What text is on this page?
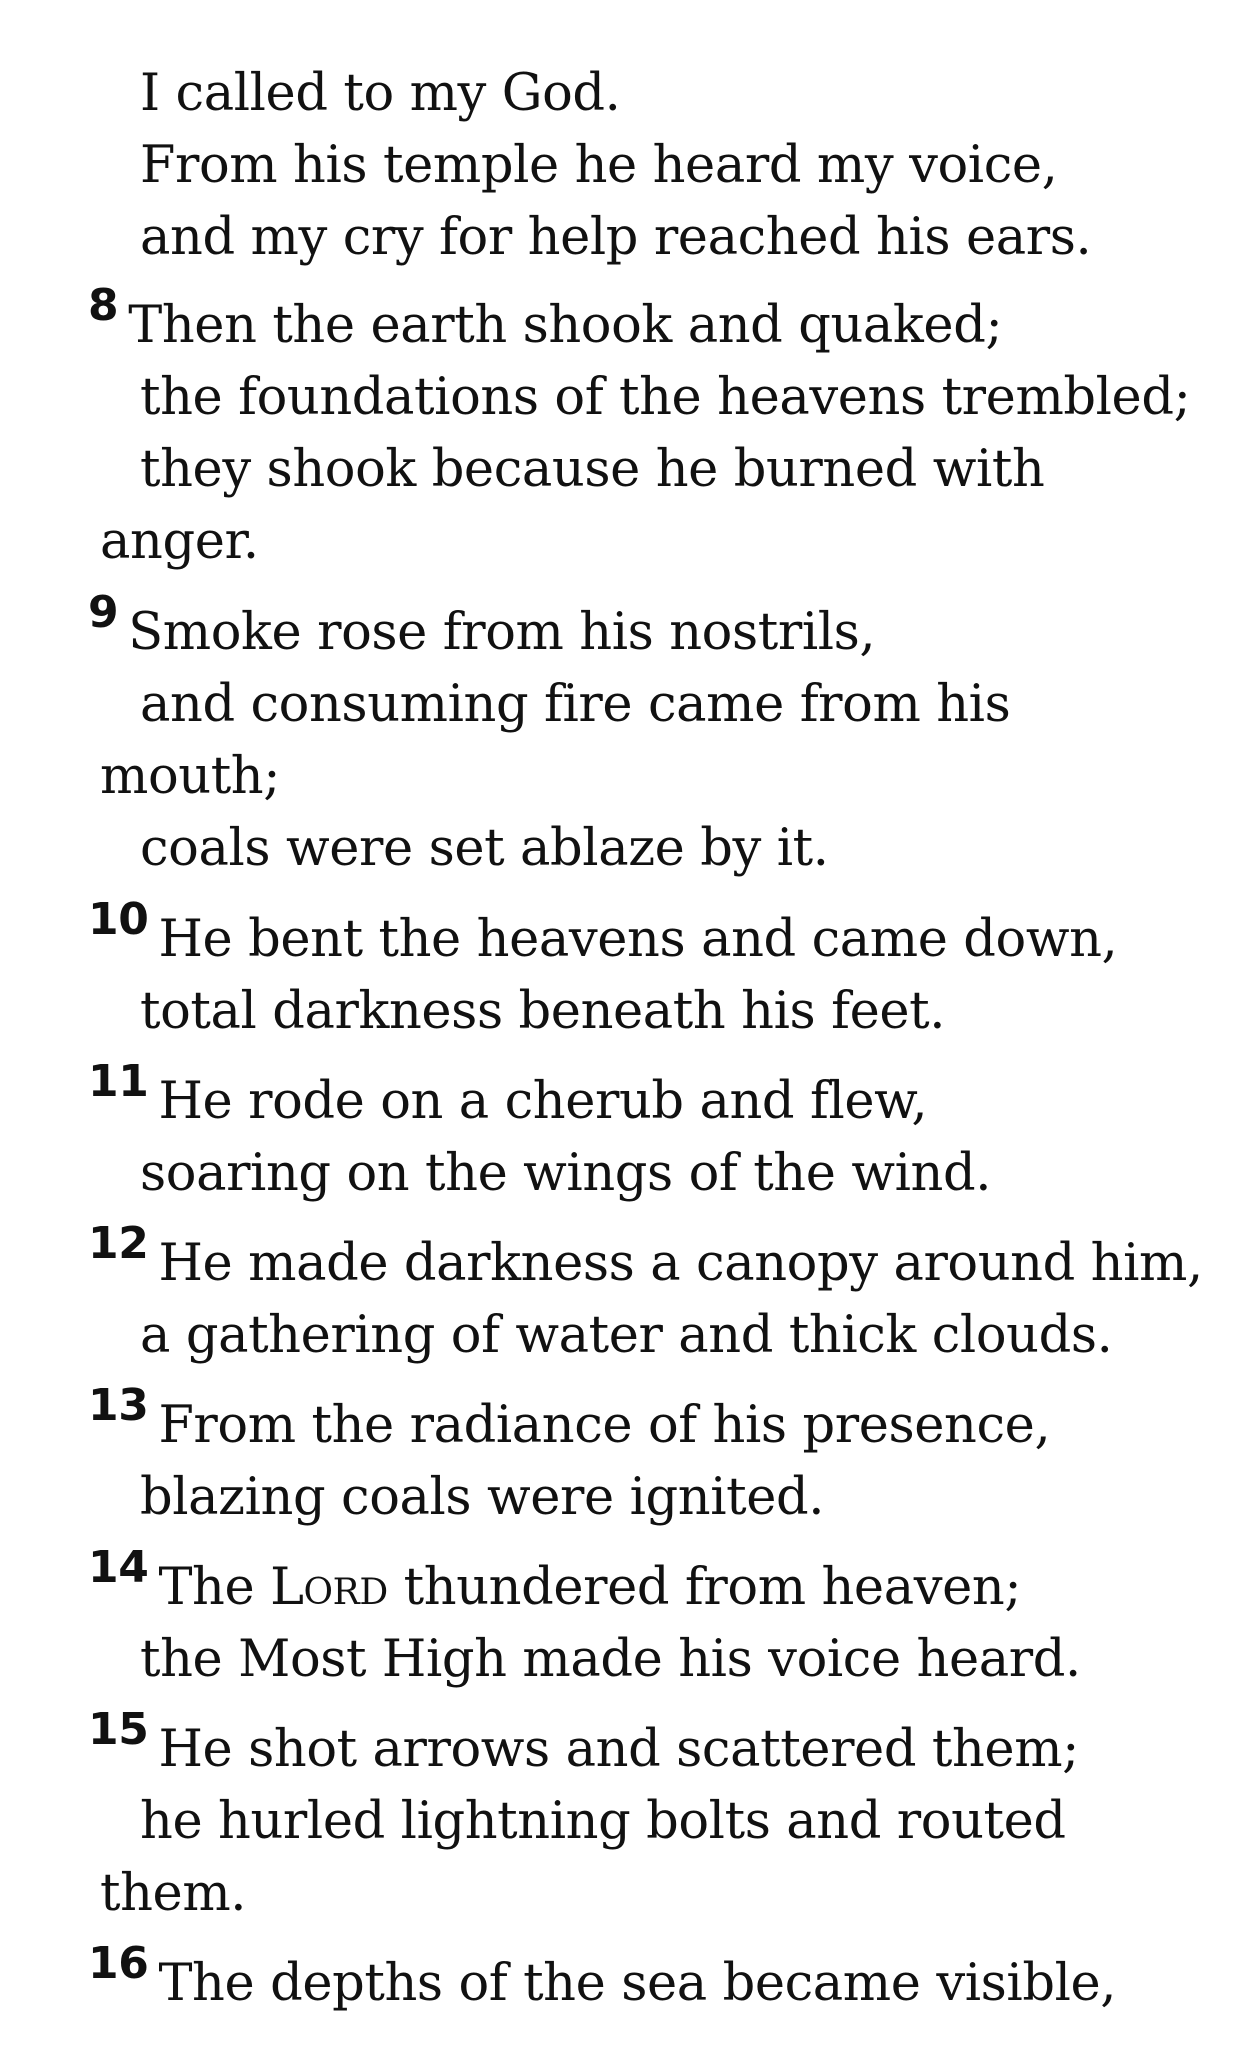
I called to my God.
From his temple he heard my voice,
and my cry for help reached his ears.
8 Then the earth shook and quaked;
the foundations of the heavens trembled;
they shook because he burned with
anger.
9 Smoke rose from his nostrils,
and consuming fire came from his
mouth;
coals were set ablaze by it.
10 He bent the heavens and came down,
total darkness beneath his feet.
11 He rode on a cherub and flew,
soaring on the wings of the wind.
12 He made darkness a canopy around him,
a gathering of water and thick clouds.
13 From the radiance of his presence,
blazing coals were ignited.
14 The Lord thundered from heaven;
the Most High made his voice heard.
15 He shot arrows and scattered them;
he hurled lightning bolts and routed
them.
16 The depths of the sea became visible,
